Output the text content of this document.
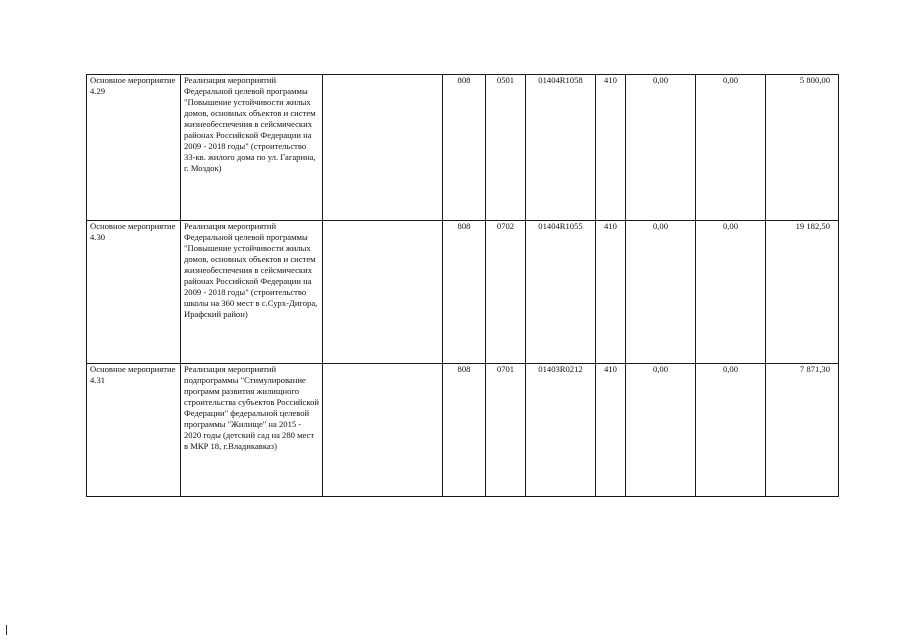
Основное мероприятие 4.29	Реализация мероприятий Федеральной целевой программы "Повышение устойчивости жилых домов, основных объектов и систем жизнеобеспечения в сейсмических районах Российской Федерации на 2009 - 2018 годы" (строительство 33-кв. жилого дома по ул. Гагарина, г. Моздок)		808	0501	01404R1058	410	0,00	0,00	5 800,00
Основное мероприятие 4.30	Реализация мероприятий Федеральной целевой программы "Повышение устойчивости жилых домов, основных объектов и систем жизнеобеспечения в сейсмических районах Российской Федерации на 2009 - 2018 годы" (строительство школы на 360 мест в с.Сурх-Дигора, Ирафский район)		808	0702	01404R1055	410	0,00	0,00	19 182,50
Основное мероприятие 4.31	Реализация мероприятий подпрограммы "Стимулирование программ развития жилищного строительства субъектов Российской Федерации" федеральной целевой программы "Жилище" на 2015 - 2020 годы (детский сад на 280 мест в МКР 18, г.Владикавказ)		808	0701	01403R0212	410	0,00	0,00	7 871,30
